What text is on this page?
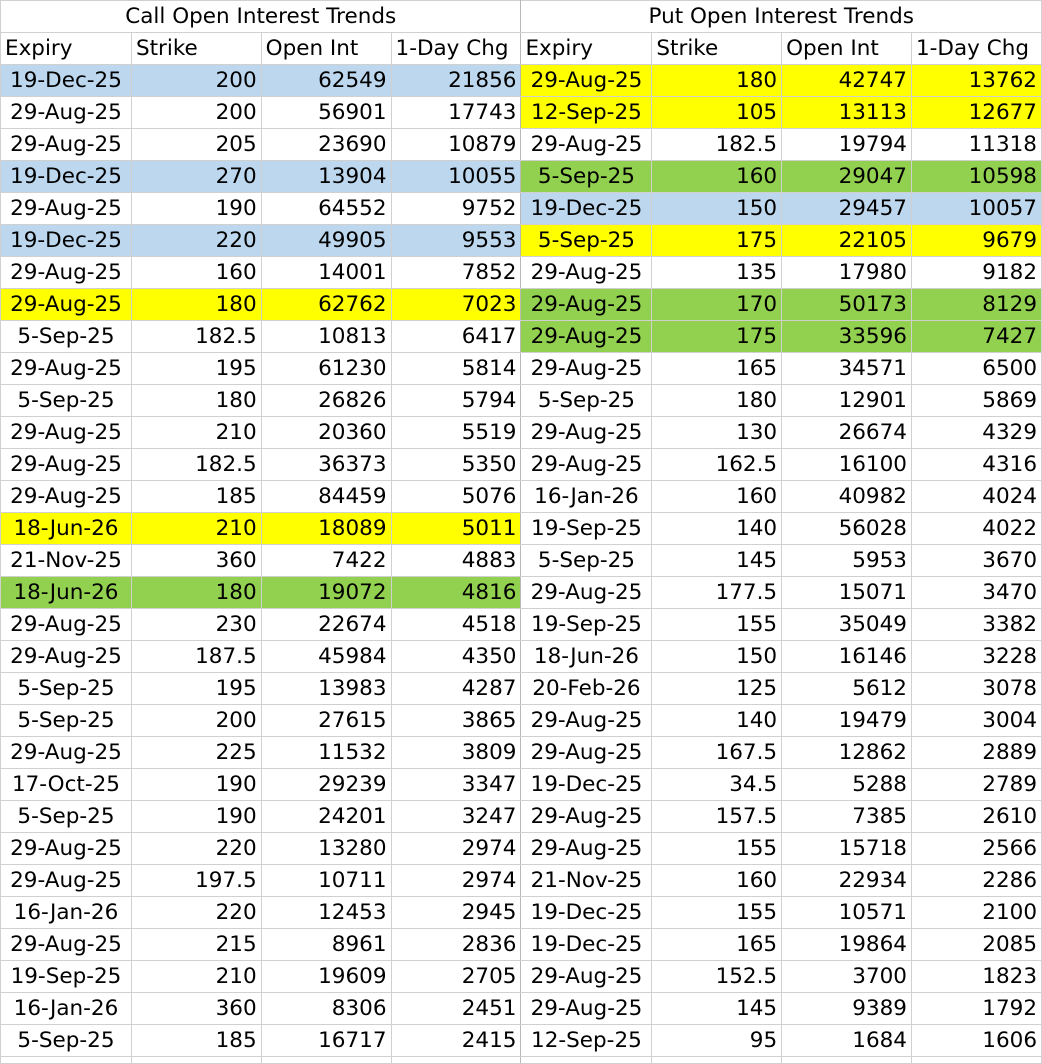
Call Open Interest Trends				Put Open Interest Trends			
Expiry	Strike	Open Int	1-Day Chg	Expiry	Strike	Open Int	1-Day Chg
19-Dec-25	200	62549	21856	29-Aug-25	180	42747	13762
29-Aug-25	200	56901	17743	12-Sep-25	105	13113	12677
29-Aug-25	205	23690	10879	29-Aug-25	182.5	19794	11318
19-Dec-25	270	13904	10055	5-Sep-25	160	29047	10598
29-Aug-25	190	64552	9752	19-Dec-25	150	29457	10057
19-Dec-25	220	49905	9553	5-Sep-25	175	22105	9679
29-Aug-25	160	14001	7852	29-Aug-25	135	17980	9182
29-Aug-25	180	62762	7023	29-Aug-25	170	50173	8129
5-Sep-25	182.5	10813	6417	29-Aug-25	175	33596	7427
29-Aug-25	195	61230	5814	29-Aug-25	165	34571	6500
5-Sep-25	180	26826	5794	5-Sep-25	180	12901	5869
29-Aug-25	210	20360	5519	29-Aug-25	130	26674	4329
29-Aug-25	182.5	36373	5350	29-Aug-25	162.5	16100	4316
29-Aug-25	185	84459	5076	16-Jan-26	160	40982	4024
18-Jun-26	210	18089	5011	19-Sep-25	140	56028	4022
21-Nov-25	360	7422	4883	5-Sep-25	145	5953	3670
18-Jun-26	180	19072	4816	29-Aug-25	177.5	15071	3470
29-Aug-25	230	22674	4518	19-Sep-25	155	35049	3382
29-Aug-25	187.5	45984	4350	18-Jun-26	150	16146	3228
5-Sep-25	195	13983	4287	20-Feb-26	125	5612	3078
5-Sep-25	200	27615	3865	29-Aug-25	140	19479	3004
29-Aug-25	225	11532	3809	29-Aug-25	167.5	12862	2889
17-Oct-25	190	29239	3347	19-Dec-25	34.5	5288	2789
5-Sep-25	190	24201	3247	29-Aug-25	157.5	7385	2610
29-Aug-25	220	13280	2974	29-Aug-25	155	15718	2566
29-Aug-25	197.5	10711	2974	21-Nov-25	160	22934	2286
16-Jan-26	220	12453	2945	19-Dec-25	155	10571	2100
29-Aug-25	215	8961	2836	19-Dec-25	165	19864	2085
19-Sep-25	210	19609	2705	29-Aug-25	152.5	3700	1823
16-Jan-26	360	8306	2451	29-Aug-25	145	9389	1792
5-Sep-25	185	16717	2415	12-Sep-25	95	1684	1606
